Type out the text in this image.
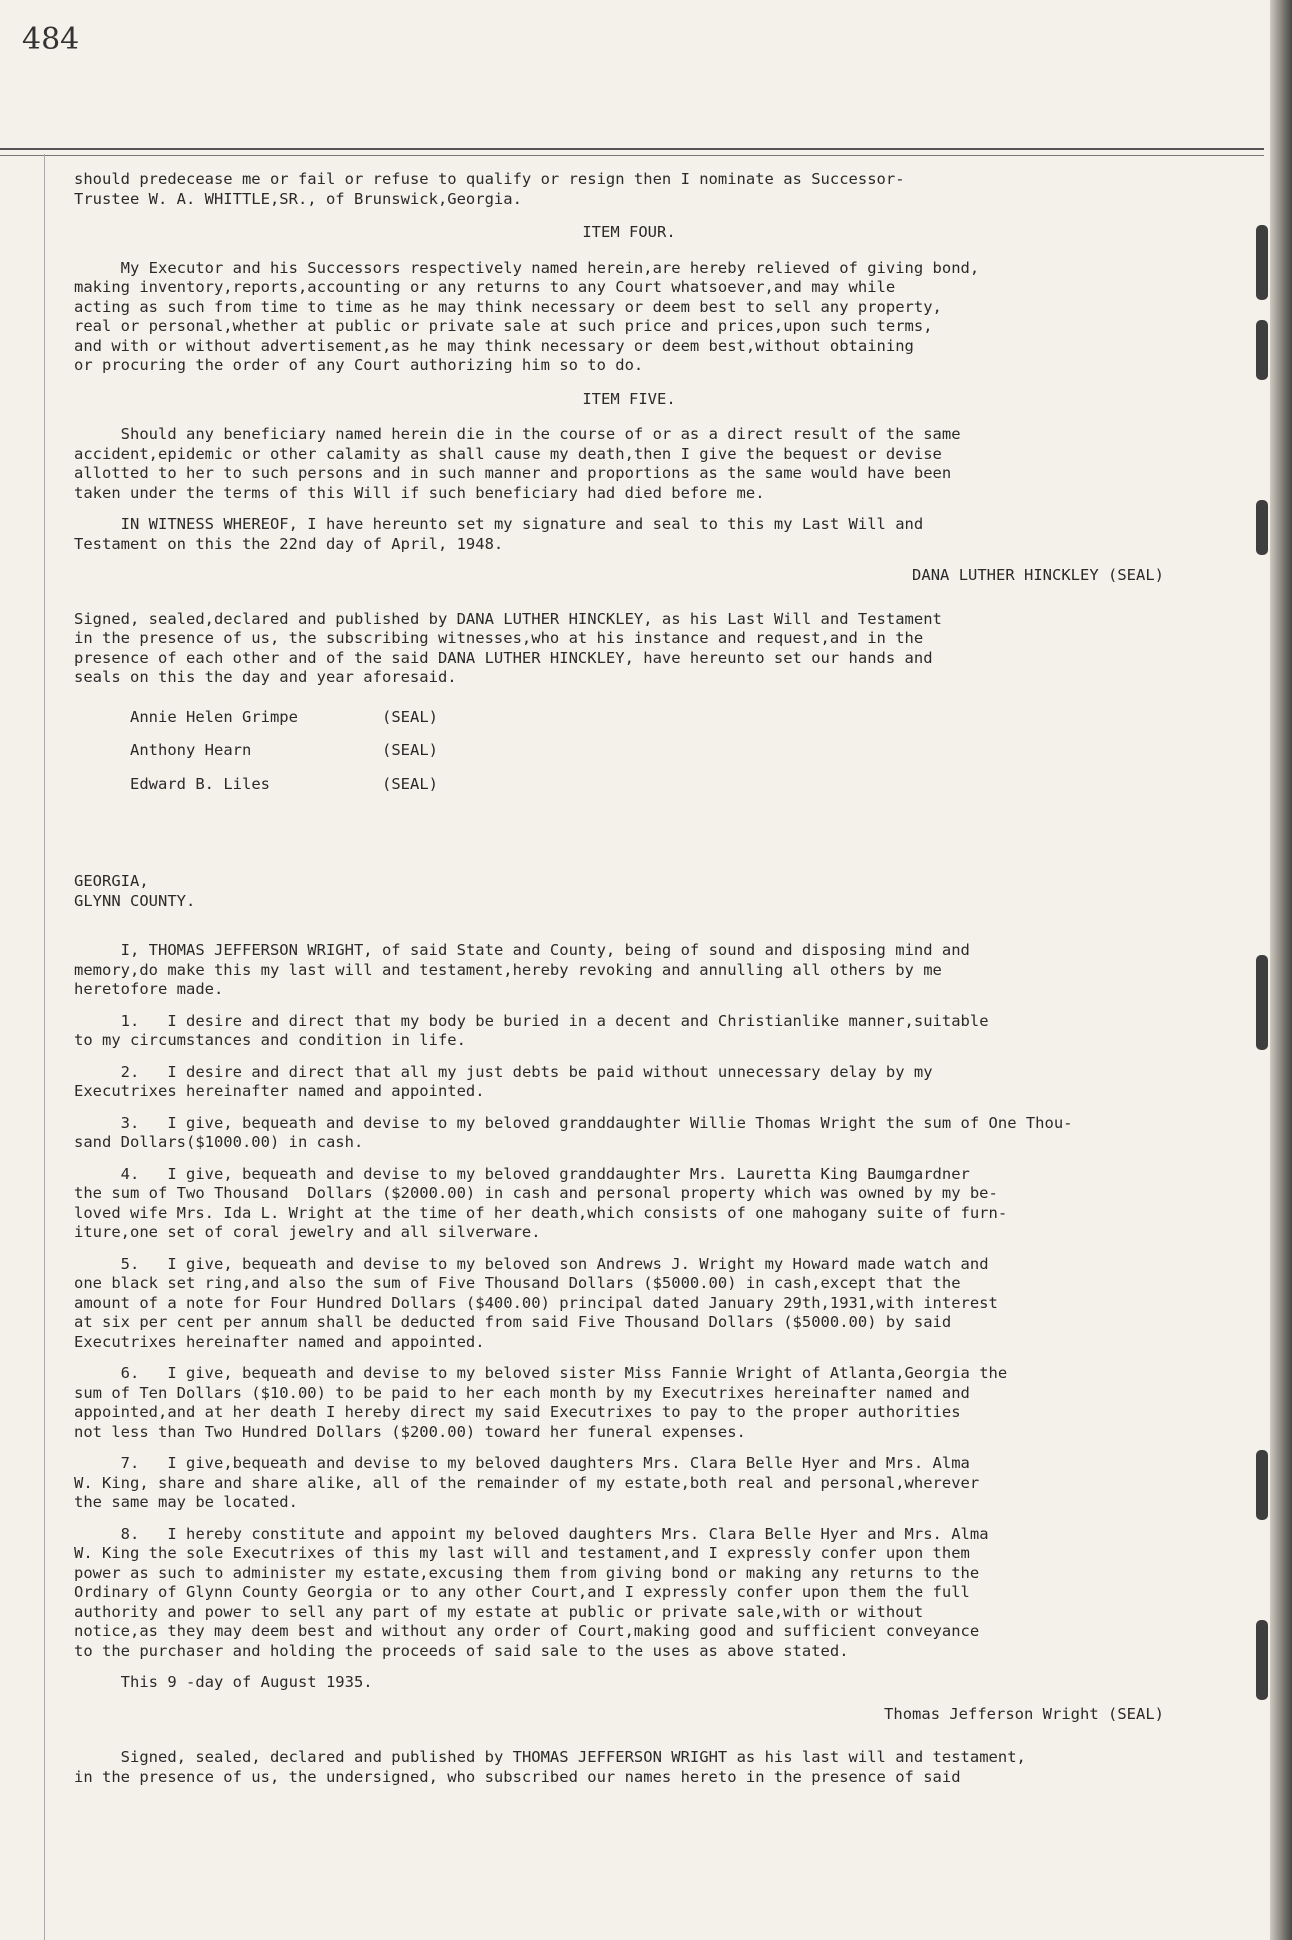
484

should predecease me or fail or refuse to qualify or resign then I nominate as Successor-
Trustee W. A. WHITTLE,SR., of Brunswick,Georgia.

ITEM FOUR.

My Executor and his Successors respectively named herein,are hereby relieved of giving bond,
making inventory,reports,accounting or any returns to any Court whatsoever,and may while
acting as such from time to time as he may think necessary or deem best to sell any property,
real or personal,whether at public or private sale at such price and prices,upon such terms,
and with or without advertisement,as he may think necessary or deem best,without obtaining
or procuring the order of any Court authorizing him so to do.

ITEM FIVE.

Should any beneficiary named herein die in the course of or as a direct result of the same
accident,epidemic or other calamity as shall cause my death,then I give the bequest or devise
allotted to her to such persons and in such manner and proportions as the same would have been
taken under the terms of this Will if such beneficiary had died before me.

IN WITNESS WHEREOF, I have hereunto set my signature and seal to this my Last Will and
Testament on this the 22nd day of April, 1948.

DANA LUTHER HINCKLEY (SEAL)

Signed, sealed,declared and published by DANA LUTHER HINCKLEY, as his Last Will and Testament
in the presence of us, the subscribing witnesses,who at his instance and request,and in the
presence of each other and of the said DANA LUTHER HINCKLEY, have hereunto set our hands and
seals on this the day and year aforesaid.

Annie Helen Grimpe	(SEAL)
Anthony Hearn	(SEAL)
Edward B. Liles	(SEAL)

GEORGIA,

GLYNN COUNTY.

I, THOMAS JEFFERSON WRIGHT, of said State and County, being of sound and disposing mind and
memory,do make this my last will and testament,hereby revoking and annulling all others by me
heretofore made.

1.   I desire and direct that my body be buried in a decent and Christianlike manner,suitable
to my circumstances and condition in life.

2.   I desire and direct that all my just debts be paid without unnecessary delay by my
Executrixes hereinafter named and appointed.

3.   I give, bequeath and devise to my beloved granddaughter Willie Thomas Wright the sum of One Thou-
sand Dollars($1000.00) in cash.

4.   I give, bequeath and devise to my beloved granddaughter Mrs. Lauretta King Baumgardner
the sum of Two Thousand  Dollars ($2000.00) in cash and personal property which was owned by my be-
loved wife Mrs. Ida L. Wright at the time of her death,which consists of one mahogany suite of furn-
iture,one set of coral jewelry and all silverware.

5.   I give, bequeath and devise to my beloved son Andrews J. Wright my Howard made watch and
one black set ring,and also the sum of Five Thousand Dollars ($5000.00) in cash,except that the
amount of a note for Four Hundred Dollars ($400.00) principal dated January 29th,1931,with interest
at six per cent per annum shall be deducted from said Five Thousand Dollars ($5000.00) by said
Executrixes hereinafter named and appointed.

6.   I give, bequeath and devise to my beloved sister Miss Fannie Wright of Atlanta,Georgia the
sum of Ten Dollars ($10.00) to be paid to her each month by my Executrixes hereinafter named and
appointed,and at her death I hereby direct my said Executrixes to pay to the proper authorities
not less than Two Hundred Dollars ($200.00) toward her funeral expenses.

7.   I give,bequeath and devise to my beloved daughters Mrs. Clara Belle Hyer and Mrs. Alma
W. King, share and share alike, all of the remainder of my estate,both real and personal,wherever
the same may be located.

8.   I hereby constitute and appoint my beloved daughters Mrs. Clara Belle Hyer and Mrs. Alma
W. King the sole Executrixes of this my last will and testament,and I expressly confer upon them
power as such to administer my estate,excusing them from giving bond or making any returns to the
Ordinary of Glynn County Georgia or to any other Court,and I expressly confer upon them the full
authority and power to sell any part of my estate at public or private sale,with or without
notice,as they may deem best and without any order of Court,making good and sufficient conveyance
to the purchaser and holding the proceeds of said sale to the uses as above stated.

This 9 -day of August 1935.

Thomas Jefferson Wright (SEAL)

Signed, sealed, declared and published by THOMAS JEFFERSON WRIGHT as his last will and testament,
in the presence of us, the undersigned, who subscribed our names hereto in the presence of said
